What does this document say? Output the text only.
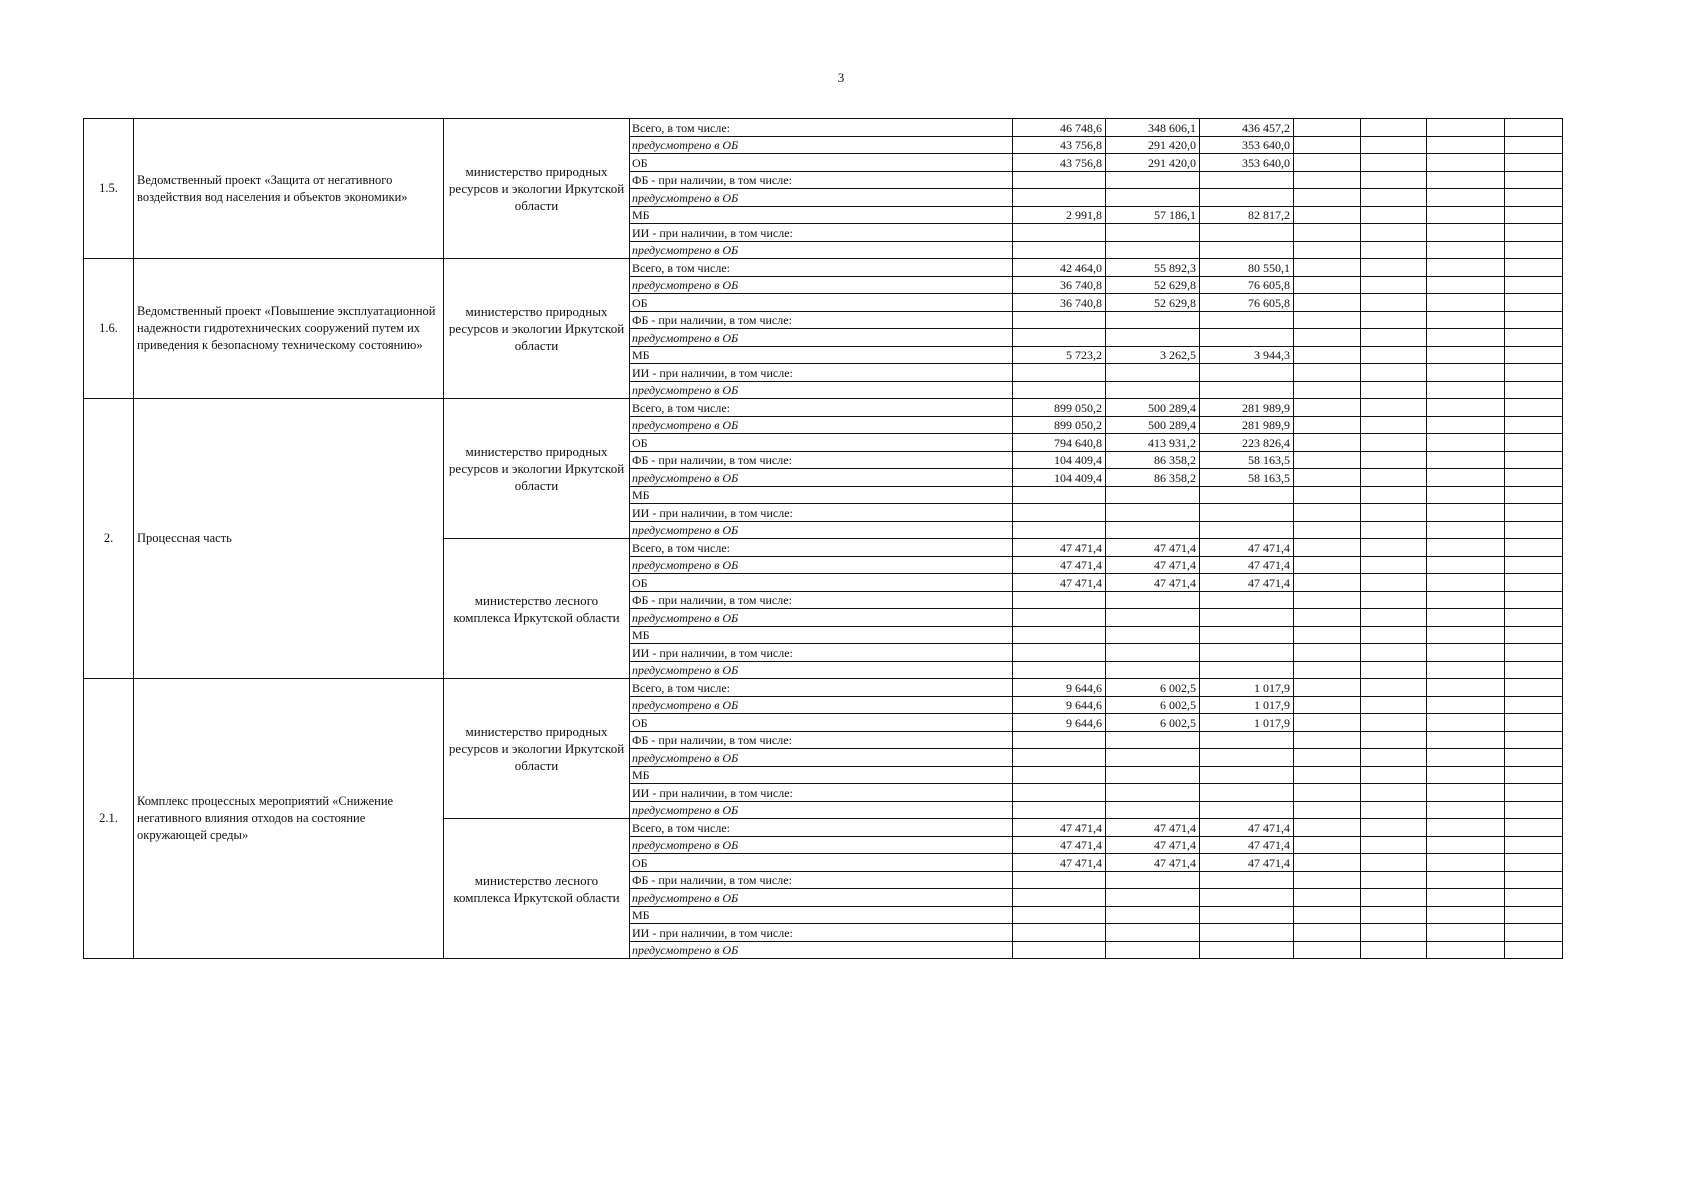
3
1.5.	Ведомственный проект «Защита от негативного воздействия вод населения и объектов экономики»	министерство природных ресурсов и экологии Иркутской области	Всего, в том числе:	46 748,6	348 606,1	436 457,2				
			предусмотрено в ОБ	43 756,8	291 420,0	353 640,0				
			ОБ	43 756,8	291 420,0	353 640,0				
			ФБ - при наличии, в том числе:							
			предусмотрено в ОБ							
			МБ	2 991,8	57 186,1	82 817,2				
			ИИ - при наличии, в том числе:							
			предусмотрено в ОБ							
1.6.	Ведомственный проект «Повышение эксплуатационной надежности гидротехнических сооружений путем их приведения к безопасному техническому состоянию»	министерство природных ресурсов и экологии Иркутской области	Всего, в том числе:	42 464,0	55 892,3	80 550,1				
			предусмотрено в ОБ	36 740,8	52 629,8	76 605,8				
			ОБ	36 740,8	52 629,8	76 605,8				
			ФБ - при наличии, в том числе:							
			предусмотрено в ОБ							
			МБ	5 723,2	3 262,5	3 944,3				
			ИИ - при наличии, в том числе:							
			предусмотрено в ОБ							
2.	Процессная часть	министерство природных ресурсов и экологии Иркутской области	Всего, в том числе:	899 050,2	500 289,4	281 989,9				
			предусмотрено в ОБ	899 050,2	500 289,4	281 989,9				
			ОБ	794 640,8	413 931,2	223 826,4				
			ФБ - при наличии, в том числе:	104 409,4	86 358,2	58 163,5				
			предусмотрено в ОБ	104 409,4	86 358,2	58 163,5				
			МБ							
			ИИ - при наличии, в том числе:							
			предусмотрено в ОБ							
		министерство лесного комплекса Иркутской области	Всего, в том числе:	47 471,4	47 471,4	47 471,4				
			предусмотрено в ОБ	47 471,4	47 471,4	47 471,4				
			ОБ	47 471,4	47 471,4	47 471,4				
			ФБ - при наличии, в том числе:							
			предусмотрено в ОБ							
			МБ							
			ИИ - при наличии, в том числе:							
			предусмотрено в ОБ							
2.1.	Комплекс процессных мероприятий «Снижение негативного влияния отходов на состояние окружающей среды»	министерство природных ресурсов и экологии Иркутской области	Всего, в том числе:	9 644,6	6 002,5	1 017,9				
			предусмотрено в ОБ	9 644,6	6 002,5	1 017,9				
			ОБ	9 644,6	6 002,5	1 017,9				
			ФБ - при наличии, в том числе:							
			предусмотрено в ОБ							
			МБ							
			ИИ - при наличии, в том числе:							
			предусмотрено в ОБ							
		министерство лесного комплекса Иркутской области	Всего, в том числе:	47 471,4	47 471,4	47 471,4				
			предусмотрено в ОБ	47 471,4	47 471,4	47 471,4				
			ОБ	47 471,4	47 471,4	47 471,4				
			ФБ - при наличии, в том числе:							
			предусмотрено в ОБ							
			МБ							
			ИИ - при наличии, в том числе:							
			предусмотрено в ОБ							
